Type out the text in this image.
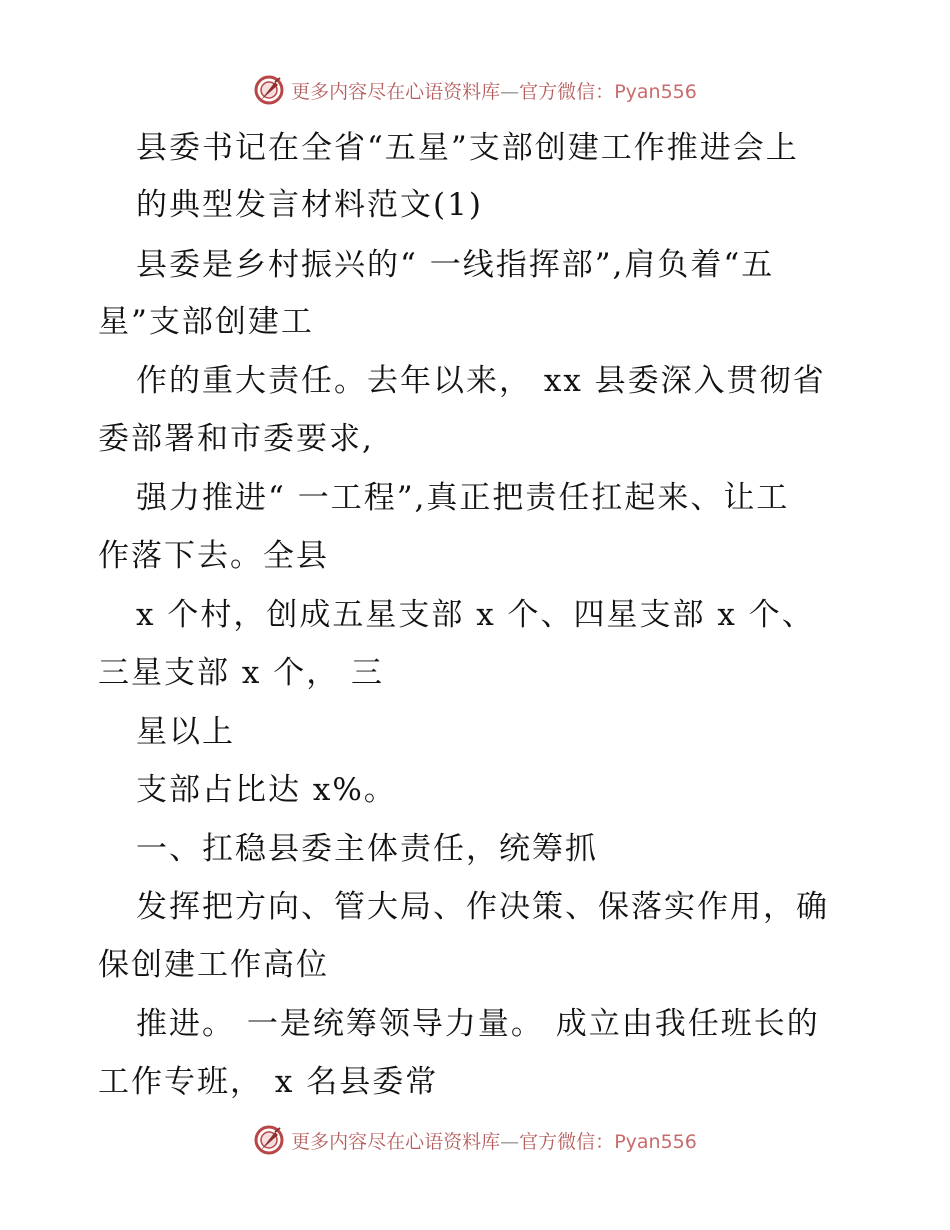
更多内容尽在心语资料库—官方微信：Pyan556
县委书记在全省“五星”支部创建工作推进会上
的典型发言材料范文(1)
县委是乡村振兴的“ 一线指挥部”,肩负着“五
星”支部创建工
作的重大责任。去年以来， xx 县委深入贯彻省
委部署和市委要求,
强力推进“ 一工程”,真正把责任扛起来、让工
作落下去。全县
x 个村，创成五星支部 x 个、四星支部 x 个、
三星支部 x 个， 三
星以上
支部占比达 x%。
一、扛稳县委主体责任，统筹抓
发挥把方向、管大局、作决策、保落实作用，确
保创建工作高位
推进。 一是统筹领导力量。 成立由我任班长的
工作专班， x 名县委常
更多内容尽在心语资料库—官方微信：Pyan556
